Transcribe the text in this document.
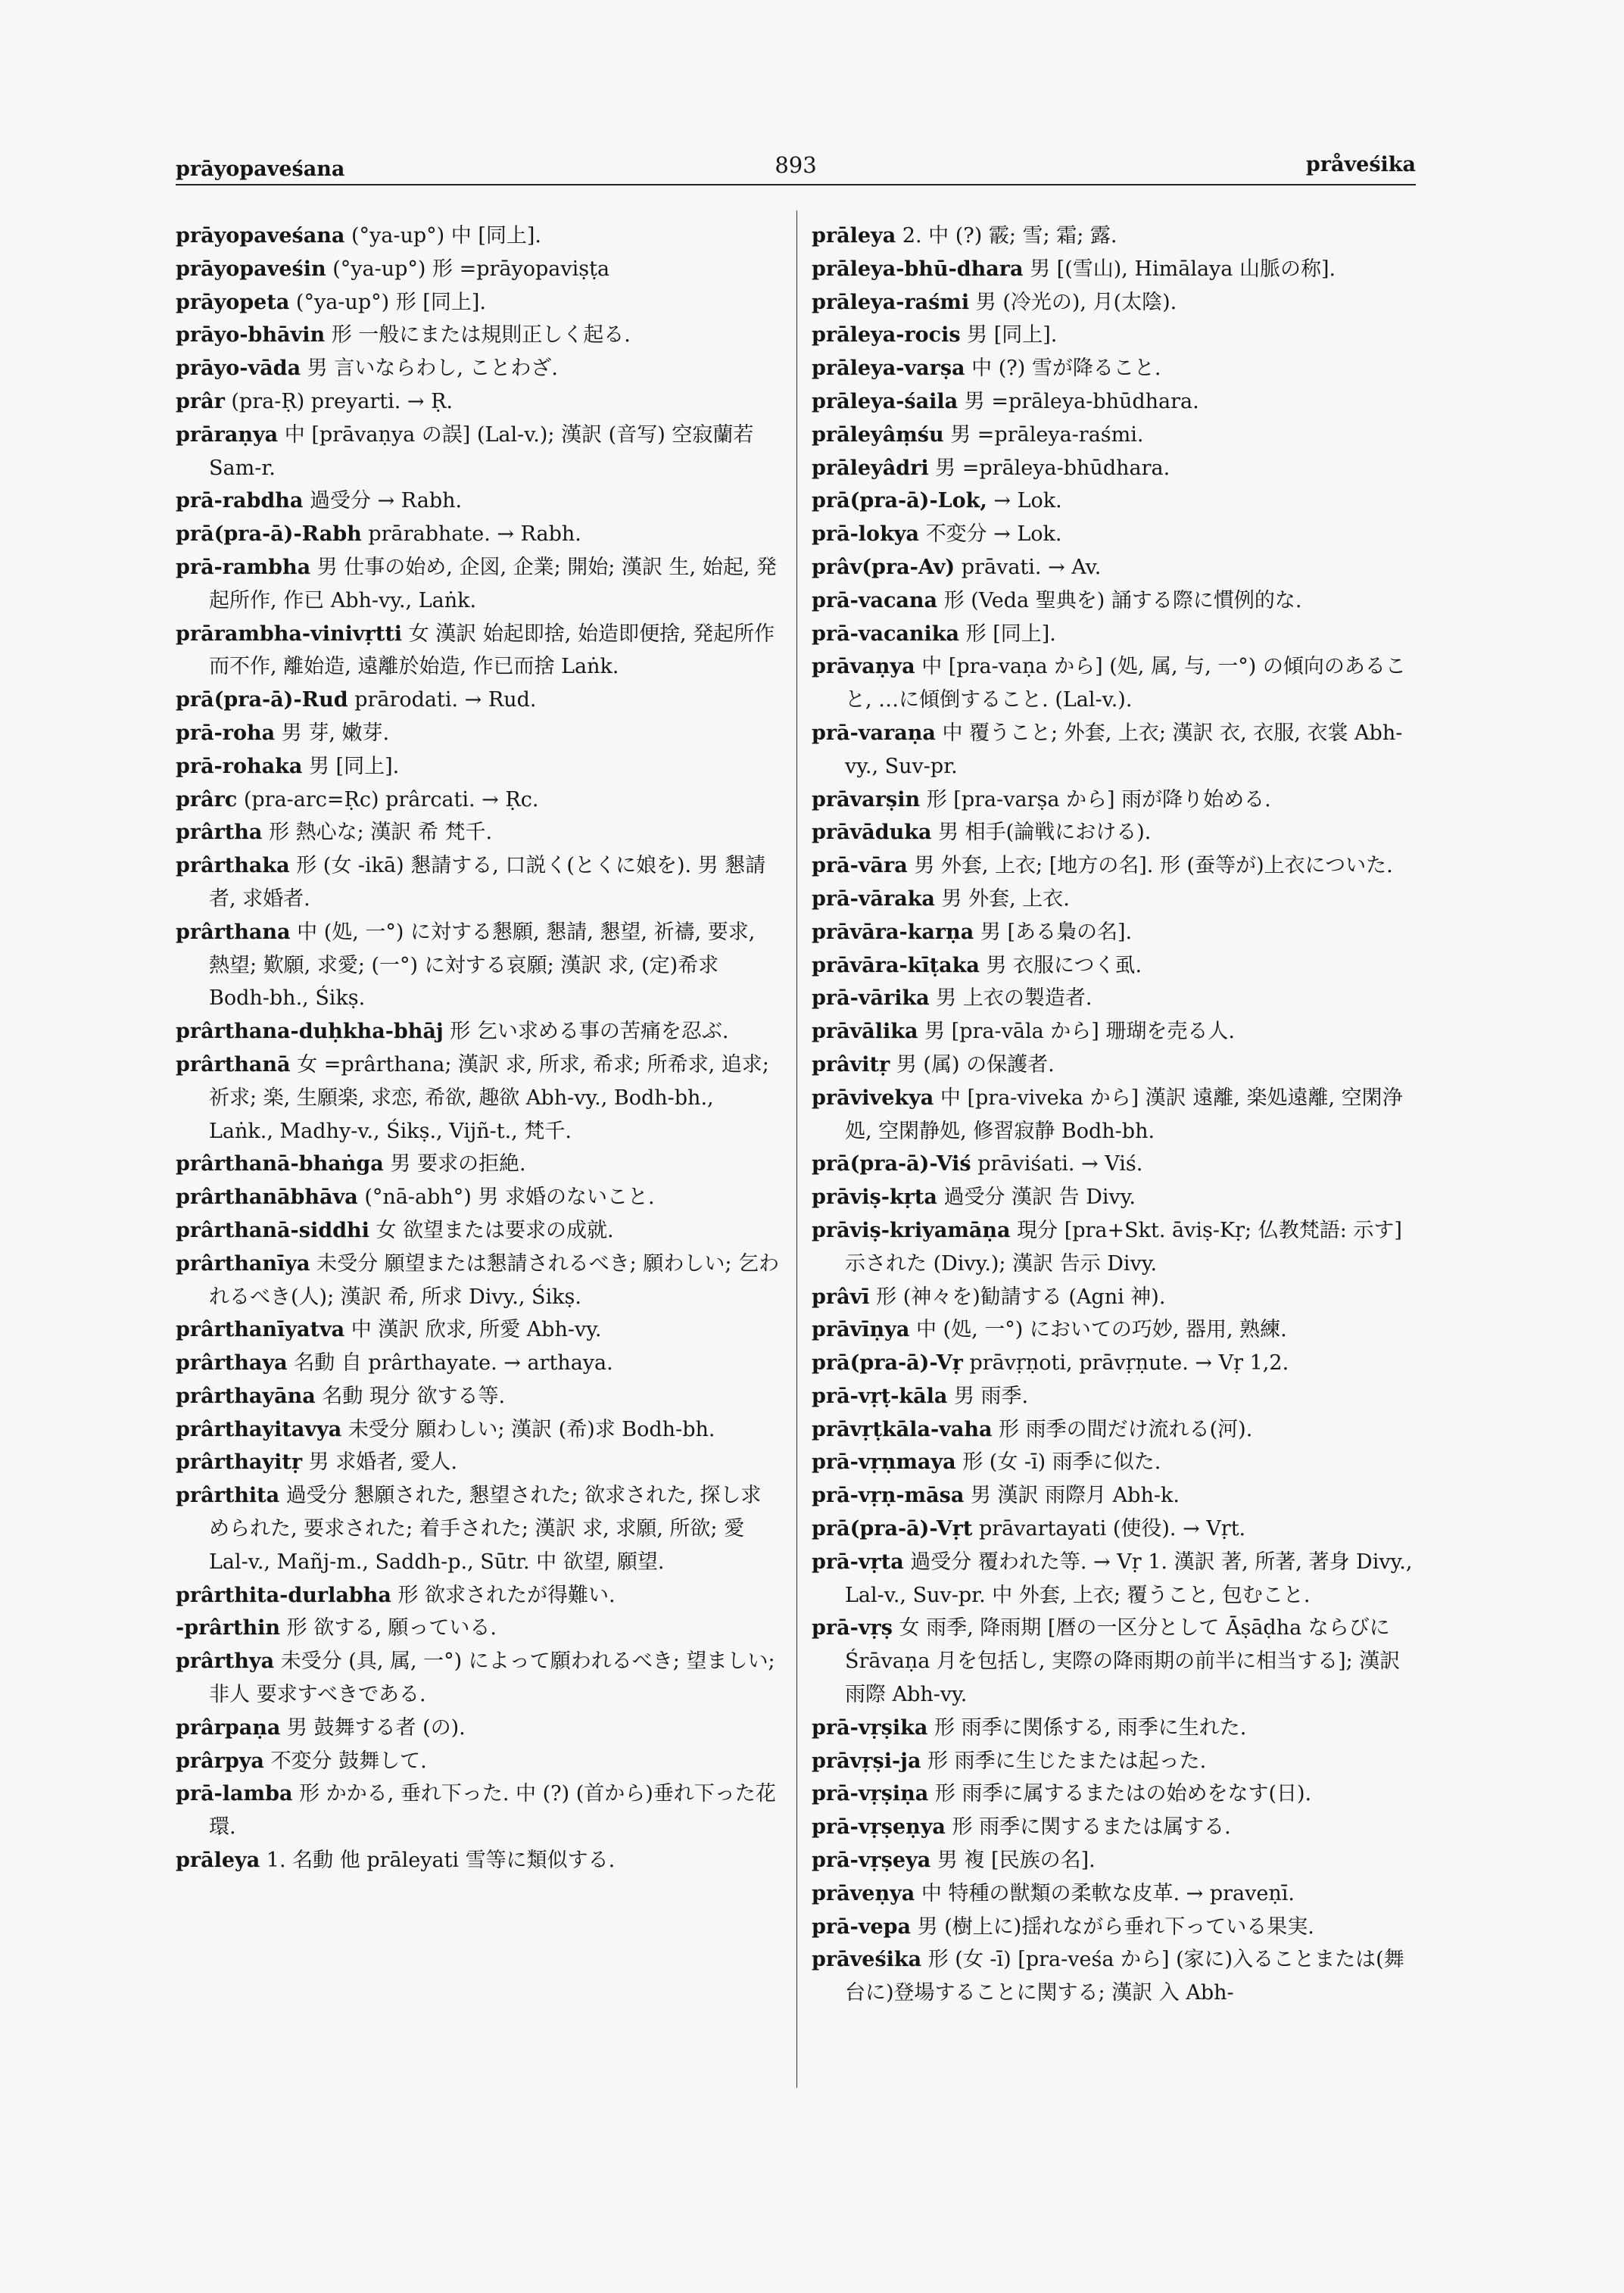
prāyopaveśana	893	pråveśika

prāyopaveśana (°ya-up°) 中 [同上].

prāyopaveśin (°ya-up°) 形 =prāyopaviṣṭa

prāyopeta (°ya-up°) 形 [同上].

prāyo-bhāvin 形 一般にまたは規則正しく起る.

prāyo-vāda 男 言いならわし, ことわざ.

prâr (pra-Ṛ) preyarti. → Ṛ.

prāraṇya 中 [prāvaṇya の誤] (Lal-v.); 漢訳 (音写) 空寂蘭若 Sam-r.

prā-rabdha 過受分 → Rabh.

prā(pra-ā)-Rabh prārabhate. → Rabh.

prā-rambha 男 仕事の始め, 企図, 企業; 開始; 漢訳 生, 始起, 発起所作, 作已 Abh-vy., Laṅk.

prārambha-vinivṛtti 女 漢訳 始起即捨, 始造即便捨, 発起所作而不作, 離始造, 遠離於始造, 作已而捨 Laṅk.

prā(pra-ā)-Rud prārodati. → Rud.

prā-roha 男 芽, 嫩芽.

prā-rohaka 男 [同上].

prârc (pra-arc=Ṛc) prârcati. → Ṛc.

prârtha 形 熱心な; 漢訳 希 梵千.

prârthaka 形 (女 -ikā) 懇請する, 口説く(とくに娘を). 男 懇請者, 求婚者.

prârthana 中 (処, 一°) に対する懇願, 懇請, 懇望, 祈禱, 要求, 熱望; 歎願, 求愛; (一°) に対する哀願; 漢訳 求, (定)希求 Bodh-bh., Śikṣ.

prârthana-duḥkha-bhāj 形 乞い求める事の苦痛を忍ぶ.

prârthanā 女 =prârthana; 漢訳 求, 所求, 希求; 所希求, 追求; 祈求; 楽, 生願楽, 求恋, 希欲, 趣欲 Abh-vy., Bodh-bh., Laṅk., Madhy-v., Śikṣ., Vijñ-t., 梵千.

prârthanā-bhaṅga 男 要求の拒絶.

prârthanābhāva (°nā-abh°) 男 求婚のないこと.

prârthanā-siddhi 女 欲望または要求の成就.

prârthanīya 未受分 願望または懇請されるべき; 願わしい; 乞われるべき(人); 漢訳 希, 所求 Divy., Śikṣ.

prârthanīyatva 中 漢訳 欣求, 所愛 Abh-vy.

prârthaya 名動 自 prârthayate. → arthaya.

prârthayāna 名動 現分 欲する等.

prârthayitavya 未受分 願わしい; 漢訳 (希)求 Bodh-bh.

prârthayitṛ 男 求婚者, 愛人.

prârthita 過受分 懇願された, 懇望された; 欲求された, 探し求められた, 要求された; 着手された; 漢訳 求, 求願, 所欲; 愛 Lal-v., Mañj-m., Saddh-p., Sūtr. 中 欲望, 願望.

prârthita-durlabha 形 欲求されたが得難い.

-prârthin 形 欲する, 願っている.

prârthya 未受分 (具, 属, 一°) によって願われるべき; 望ましい; 非人 要求すべきである.

prârpaṇa 男 鼓舞する者 (の).

prârpya 不変分 鼓舞して.

prā-lamba 形 かかる, 垂れ下った. 中 (?) (首から)垂れ下った花環.

prāleya 1. 名動 他 prāleyati 雪等に類似する.

prāleya 2. 中 (?) 霰; 雪; 霜; 露.

prāleya-bhū-dhara 男 [(雪山), Himālaya 山脈の称].

prāleya-raśmi 男 (冷光の), 月(太陰).

prāleya-rocis 男 [同上].

prāleya-varṣa 中 (?) 雪が降ること.

prāleya-śaila 男 =prāleya-bhūdhara.

prāleyâṃśu 男 =prāleya-raśmi.

prāleyâdri 男 =prāleya-bhūdhara.

prā(pra-ā)-Lok, → Lok.

prā-lokya 不変分 → Lok.

prâv(pra-Av) prāvati. → Av.

prā-vacana 形 (Veda 聖典を) 誦する際に慣例的な.

prā-vacanika 形 [同上].

prāvaṇya 中 [pra-vaṇa から] (処, 属, 与, 一°) の傾向のあること, …に傾倒すること. (Lal-v.).

prā-varaṇa 中 覆うこと; 外套, 上衣; 漢訳 衣, 衣服, 衣裳 Abh-vy., Suv-pr.

prāvarṣin 形 [pra-varṣa から] 雨が降り始める.

prāvāduka 男 相手(論戦における).

prā-vāra 男 外套, 上衣; [地方の名]. 形 (蚕等が)上衣についた.

prā-vāraka 男 外套, 上衣.

prāvāra-karṇa 男 [ある梟の名].

prāvāra-kīṭaka 男 衣服につく虱.

prā-vārika 男 上衣の製造者.

prāvālika 男 [pra-vāla から] 珊瑚を売る人.

prâvitṛ 男 (属) の保護者.

prāvivekya 中 [pra-viveka から] 漢訳 遠離, 楽処遠離, 空閑浄処, 空閑静処, 修習寂静 Bodh-bh.

prā(pra-ā)-Viś prāviśati. → Viś.

prāviṣ-kṛta 過受分 漢訳 告 Divy.

prāviṣ-kriyamāṇa 現分 [pra+Skt. āviṣ-Kṛ; 仏教梵語: 示す] 示された (Divy.); 漢訳 告示 Divy.

prâvī 形 (神々を)勧請する (Agni 神).

prāvīṇya 中 (処, 一°) においての巧妙, 器用, 熟練.

prā(pra-ā)-Vṛ prāvṛṇoti, prāvṛṇute. → Vṛ 1,2.

prā-vṛṭ-kāla 男 雨季.

prāvṛṭkāla-vaha 形 雨季の間だけ流れる(河).

prā-vṛṇmaya 形 (女 -ī) 雨季に似た.

prā-vṛṇ-māsa 男 漢訳 雨際月 Abh-k.

prā(pra-ā)-Vṛt prāvartayati (使役). → Vṛt.

prā-vṛta 過受分 覆われた等. → Vṛ 1. 漢訳 著, 所著, 著身 Divy., Lal-v., Suv-pr. 中 外套, 上衣; 覆うこと, 包むこと.

prā-vṛṣ 女 雨季, 降雨期 [暦の一区分として Āṣāḍha ならびに Śrāvaṇa 月を包括し, 実際の降雨期の前半に相当する]; 漢訳 雨際 Abh-vy.

prā-vṛṣika 形 雨季に関係する, 雨季に生れた.

prāvṛṣi-ja 形 雨季に生じたまたは起った.

prā-vṛṣiṇa 形 雨季に属するまたはの始めをなす(日).

prā-vṛṣeṇya 形 雨季に関するまたは属する.

prā-vṛṣeya 男 複 [民族の名].

prāveṇya 中 特種の獣類の柔軟な皮革. → praveṇī.

prā-vepa 男 (樹上に)揺れながら垂れ下っている果実.

prāveśika 形 (女 -ī) [pra-veśa から] (家に)入ることまたは(舞台に)登場することに関する; 漢訳 入 Abh-
